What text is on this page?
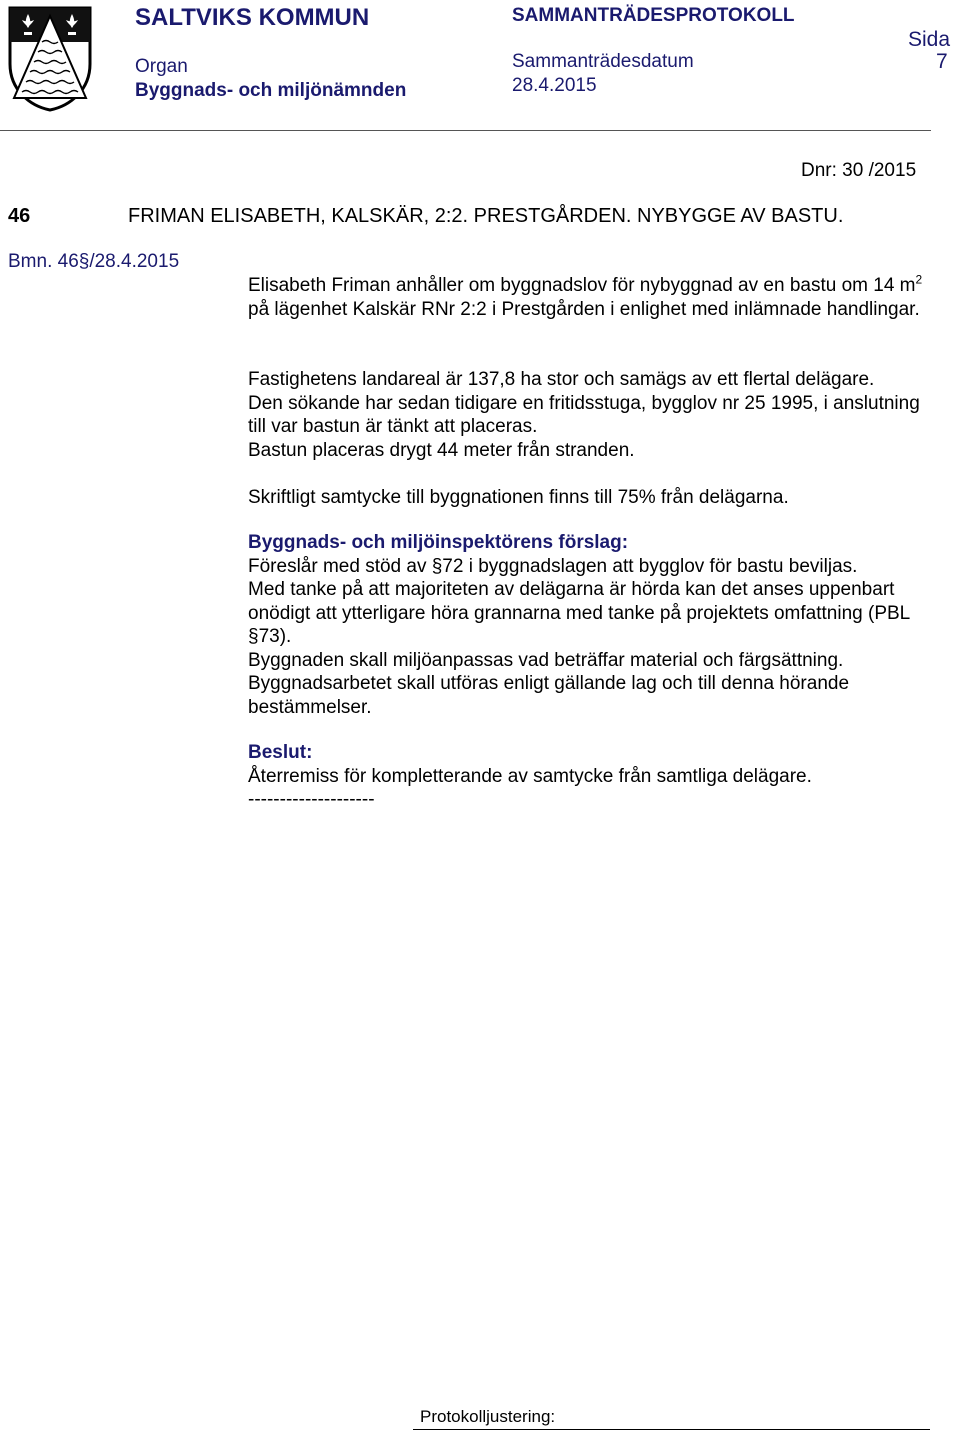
SALTVIKS KOMMUN
Organ
Byggnads- och miljönämnden
SAMMANTRÄDESPROTOKOLL
Sammanträdesdatum
28.4.2015
Sida
7
Dnr: 30 /2015
46	FRIMAN ELISABETH, KALSKÄR, 2:2. PRESTGÅRDEN. NYBYGGE AV BASTU.
Bmn. 46§/28.4.2015

Elisabeth Friman anhåller om byggnadslov för nybyggnad av en bastu om 14 $m^2$ på lägenhet Kalskär RNr 2:2 i Prestgården i enlighet med inlämnade handlingar.

Fastighetens landareal är 137,8 ha stor och samägs av ett flertal delägare.

Den sökande har sedan tidigare en fritidsstuga, bygglov nr 25 1995, i anslutning till var bastun är tänkt att placeras.

Bastun placeras drygt 44 meter från stranden.

Skriftligt samtycke till byggnationen finns till 75% från delägarna.

Byggnads- och miljöinspektörens förslag:

Föreslår med stöd av §72 i byggnadslagen att bygglov för bastu beviljas.

Med tanke på att majoriteten av delägarna är hörda kan det anses uppenbart onödigt att ytterligare höra grannarna med tanke på projektets omfattning (PBL §73).

Byggnaden skall miljöanpassas vad beträffar material och färgsättning.

Byggnadsarbetet skall utföras enligt gällande lag och till denna hörande bestämmelser.

Beslut:

Återremiss för kompletterande av samtycke från samtliga delägare.

--------------------

Protokolljustering:
